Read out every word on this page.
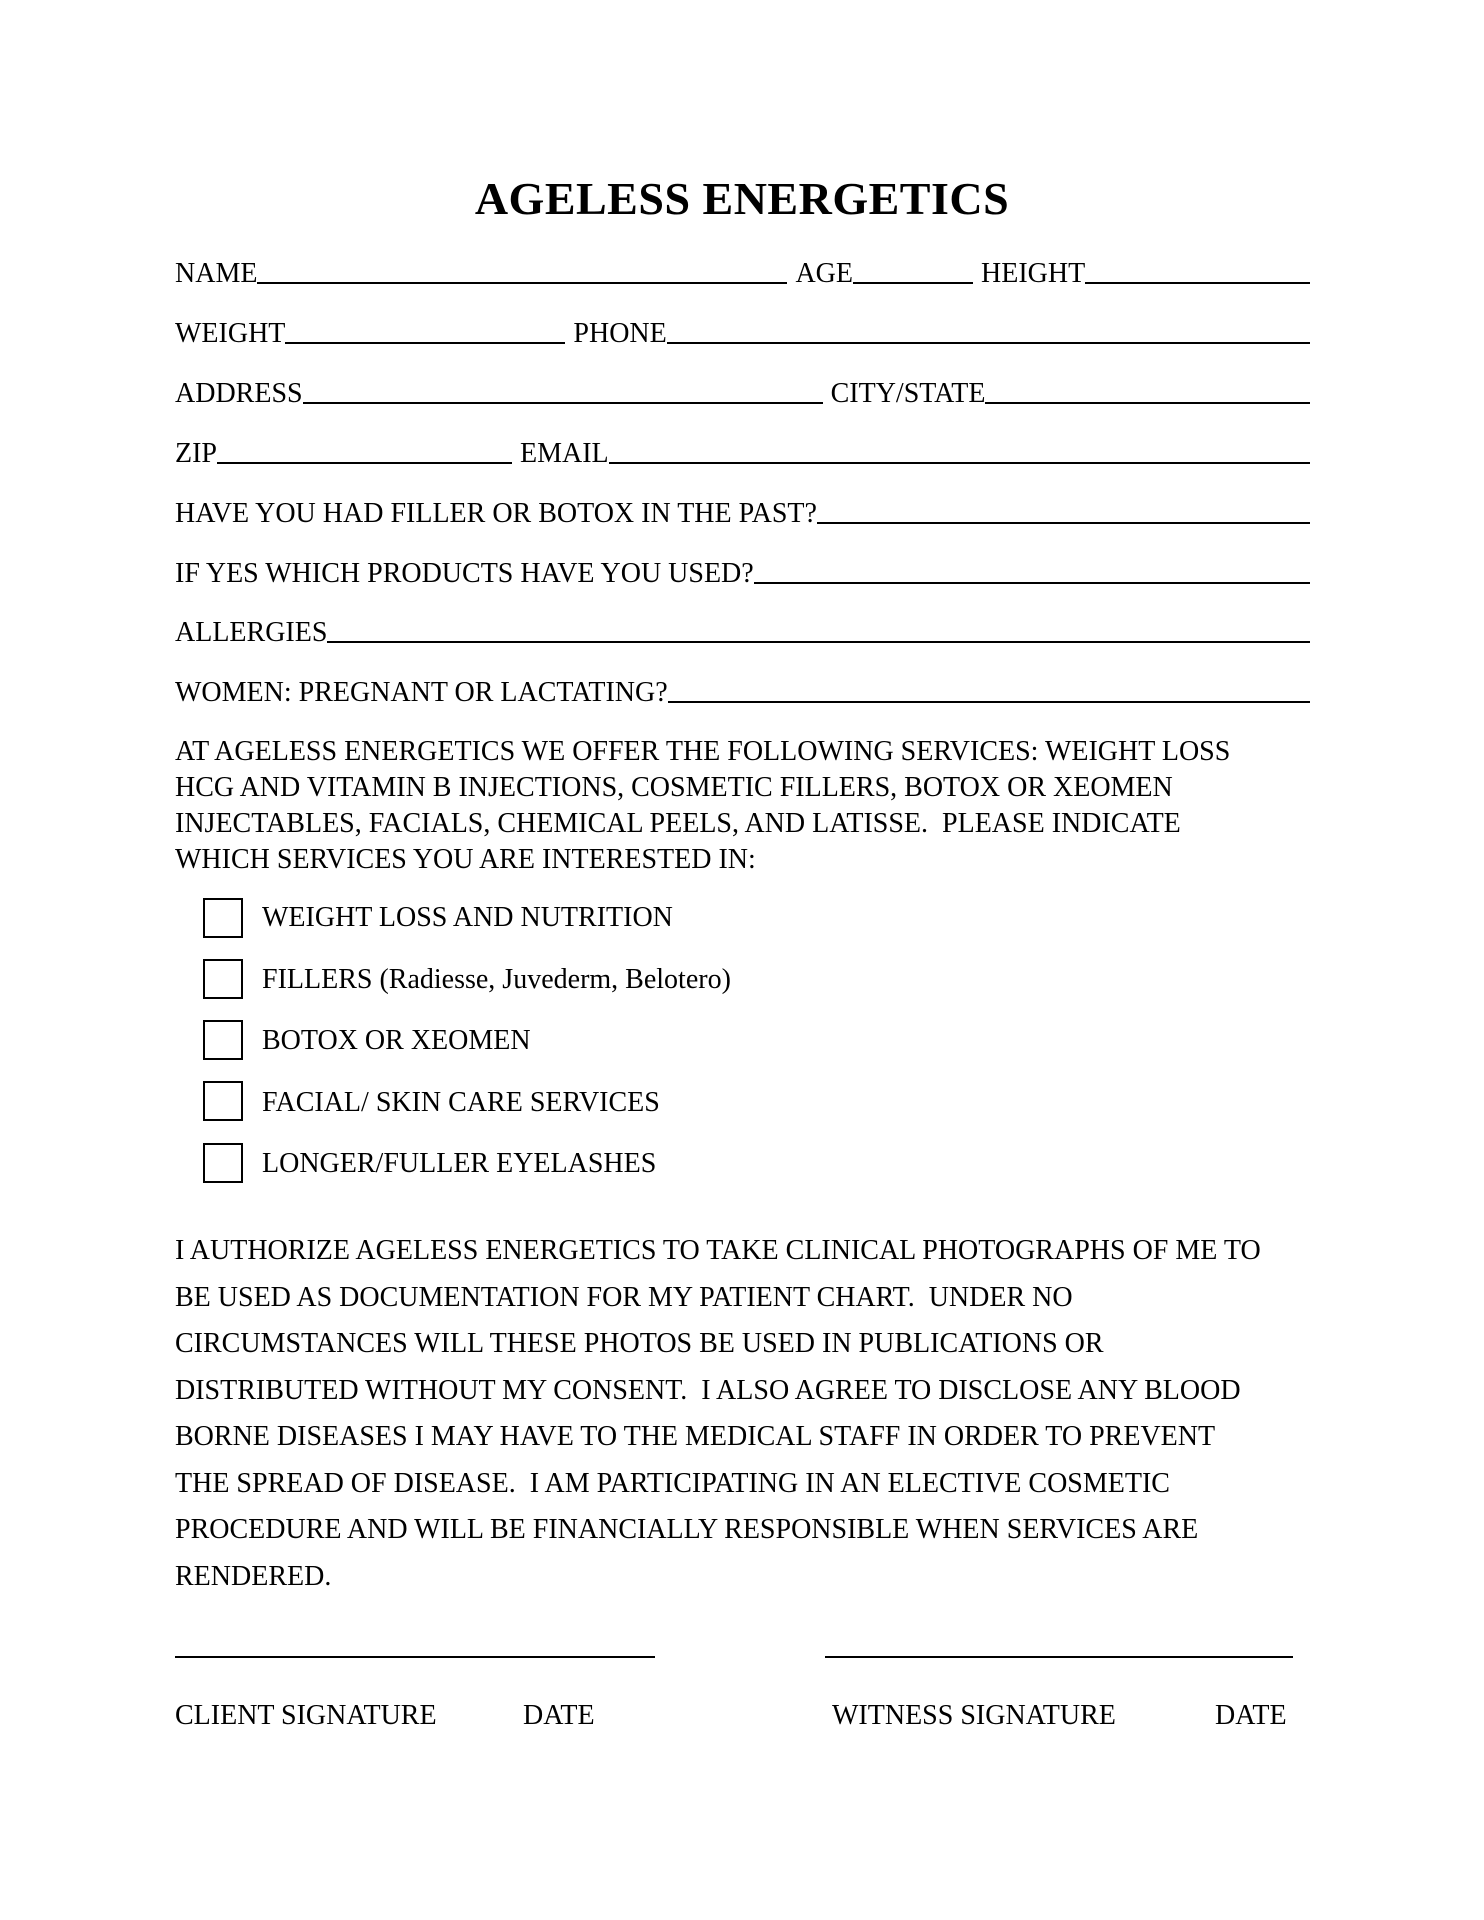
AGELESS ENERGETICS
NAME	AGE	HEIGHT
WEIGHT	PHONE
ADDRESS	CITY/STATE
ZIP	EMAIL
HAVE YOU HAD FILLER OR BOTOX IN THE PAST?
IF YES WHICH PRODUCTS HAVE YOU USED?
ALLERGIES
WOMEN: PREGNANT OR LACTATING?
AT AGELESS ENERGETICS WE OFFER THE FOLLOWING SERVICES: WEIGHT LOSS
HCG AND VITAMIN B INJECTIONS, COSMETIC FILLERS, BOTOX OR XEOMEN
INJECTABLES, FACIALS, CHEMICAL PEELS, AND LATISSE.  PLEASE INDICATE
WHICH SERVICES YOU ARE INTERESTED IN:
WEIGHT LOSS AND NUTRITION
FILLERS (Radiesse, Juvederm, Belotero)
BOTOX OR XEOMEN
FACIAL/ SKIN CARE SERVICES
LONGER/FULLER EYELASHES
I AUTHORIZE AGELESS ENERGETICS TO TAKE CLINICAL PHOTOGRAPHS OF ME TO
BE USED AS DOCUMENTATION FOR MY PATIENT CHART.  UNDER NO
CIRCUMSTANCES WILL THESE PHOTOS BE USED IN PUBLICATIONS OR
DISTRIBUTED WITHOUT MY CONSENT.  I ALSO AGREE TO DISCLOSE ANY BLOOD
BORNE DISEASES I MAY HAVE TO THE MEDICAL STAFF IN ORDER TO PREVENT
THE SPREAD OF DISEASE.  I AM PARTICIPATING IN AN ELECTIVE COSMETIC
PROCEDURE AND WILL BE FINANCIALLY RESPONSIBLE WHEN SERVICES ARE
RENDERED.
CLIENT SIGNATURE	DATE	WITNESS SIGNATURE	DATE
